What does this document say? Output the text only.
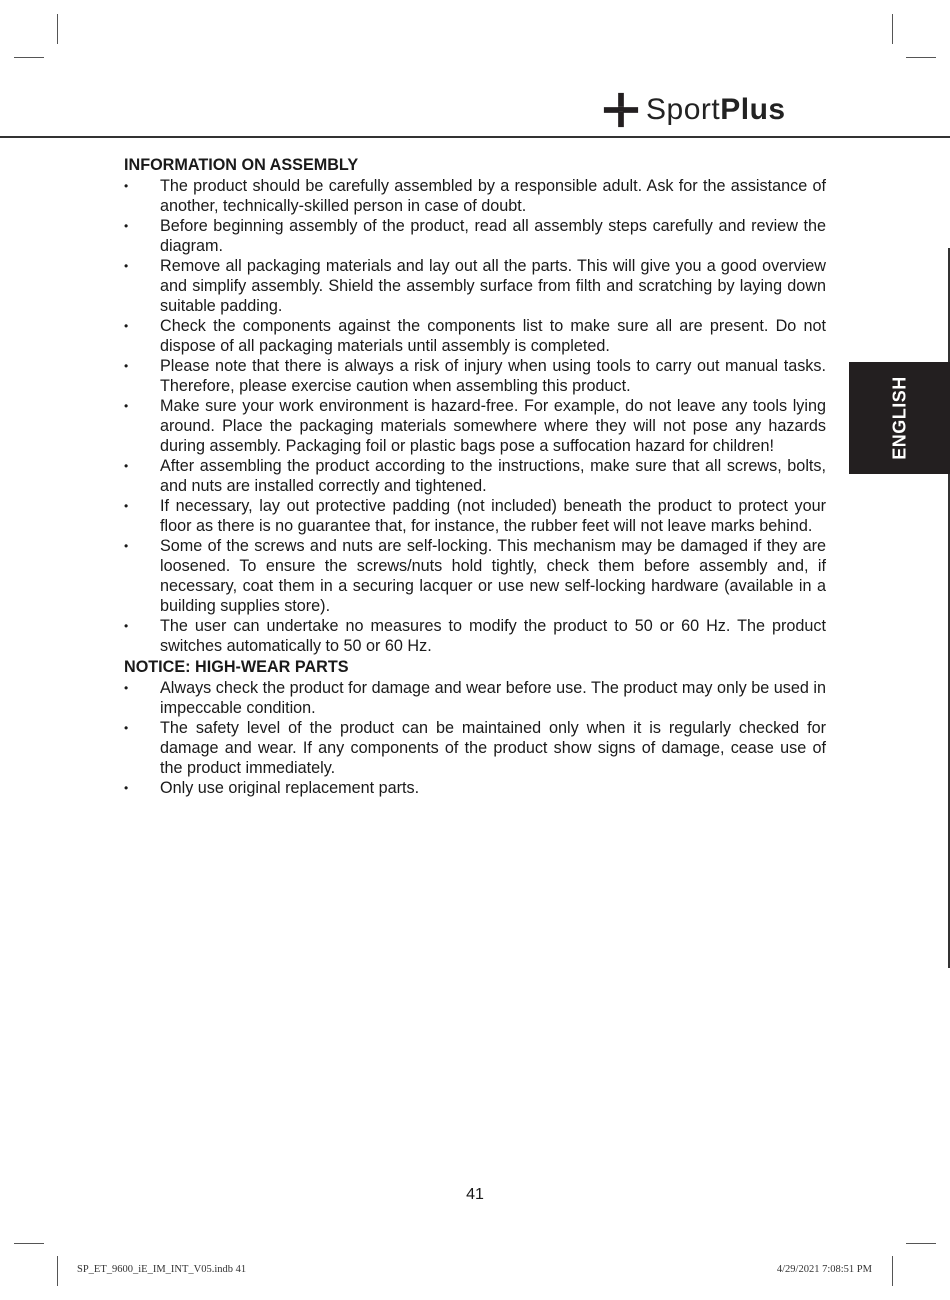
SportPlus
ENGLISH
INFORMATION ON ASSEMBLY
• The product should be carefully assembled by a responsible adult. Ask for the assistance of another, technically-skilled person in case of doubt.
• Before beginning assembly of the product, read all assembly steps carefully and review the diagram.
• Remove all packaging materials and lay out all the parts. This will give you a good overview and simplify assembly. Shield the assembly surface from filth and scratching by laying down suitable padding.
• Check the components against the components list to make sure all are present. Do not dispose of all packaging materials until assembly is completed.
• Please note that there is always a risk of injury when using tools to carry out manual tasks. Therefore, please exercise caution when assembling this product.
• Make sure your work environment is hazard-free. For example, do not leave any tools lying around. Place the packaging materials somewhere where they will not pose any hazards during assembly. Packaging foil or plastic bags pose a suffocation hazard for children!
• After assembling the product according to the instructions, make sure that all screws, bolts, and nuts are installed correctly and tightened.
• If necessary, lay out protective padding (not included) beneath the product to protect your floor as there is no guarantee that, for instance, the rubber feet will not leave marks behind.
• Some of the screws and nuts are self-locking. This mechanism may be damaged if they are loosened. To ensure the screws/nuts hold tightly, check them before assembly and, if necessary, coat them in a securing lacquer or use new self-locking hardware (available in a building supplies store).
• The user can undertake no measures to modify the product to 50 or 60 Hz. The product switches automatically to 50 or 60 Hz.
NOTICE: HIGH-WEAR PARTS
• Always check the product for damage and wear before use. The product may only be used in impeccable condition.
• The safety level of the product can be maintained only when it is regularly checked for damage and wear. If any components of the product show signs of damage, cease use of the product immediately.
• Only use original replacement parts.
41
SP_ET_9600_iE_IM_INT_V05.indb 41	4/29/2021 7:08:51 PM
